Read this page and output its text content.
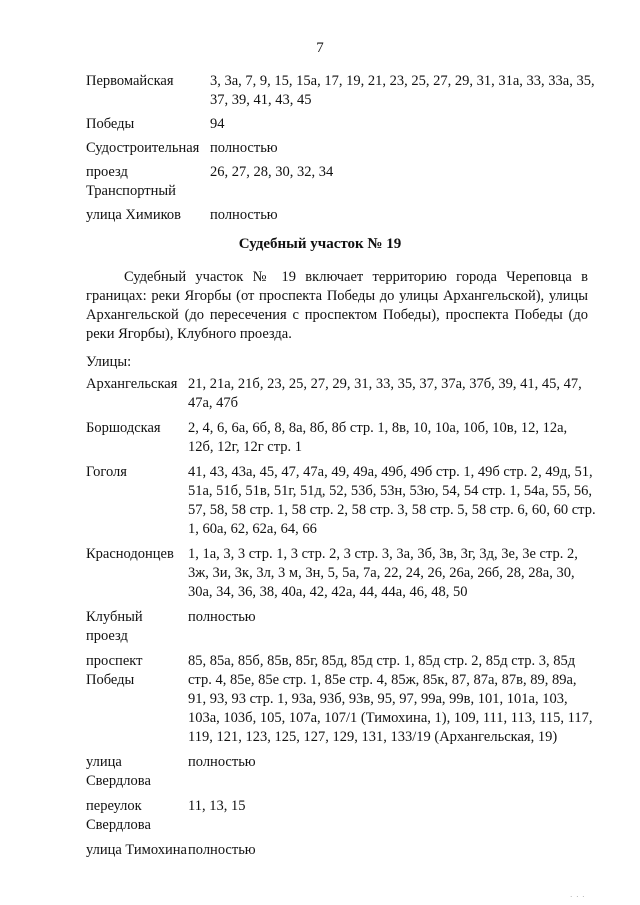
7
Первомайская	3, 3а, 7, 9, 15, 15а, 17, 19, 21, 23, 25, 27, 29, 31, 31а, 33, 33а, 35, 37, 39, 41, 43, 45
Победы	94
Судостроительная	полностью
проезд Транспортный	26, 27, 28, 30, 32, 34
улица Химиков	полностью
Судебный участок № 19
Судебный участок № 19 включает территорию города Череповца в границах: реки Ягорбы (от проспекта Победы до улицы Архангельской), улицы Архангельской (до пересечения с проспектом Победы), проспекта Победы (до реки Ягорбы), Клубного проезда.
Улицы:
Архангельская	21, 21а, 21б, 23, 25, 27, 29, 31, 33, 35, 37, 37а, 37б, 39, 41, 45, 47, 47а, 47б
Боршодская	2, 4, 6, 6а, 6б, 8, 8а, 8б, 8б стр. 1, 8в, 10, 10а, 10б, 10в, 12, 12а, 12б, 12г, 12г стр. 1
Гоголя	41, 43, 43а, 45, 47, 47а, 49, 49а, 49б, 49б стр. 1, 49б стр. 2, 49д, 51, 51а, 51б, 51в, 51г, 51д, 52, 53б, 53н, 53ю, 54, 54 стр. 1, 54а, 55, 56, 57, 58, 58 стр. 1, 58 стр. 2, 58 стр. 3, 58 стр. 5, 58 стр. 6, 60, 60 стр. 1, 60а, 62, 62а, 64, 66
Краснодонцев	1, 1а, 3, 3 стр. 1, 3 стр. 2, 3 стр. 3, 3а, 3б, 3в, 3г, 3д, 3е, 3е стр. 2, 3ж, 3и, 3к, 3л, 3 м, 3н, 5, 5а, 7а, 22, 24, 26, 26а, 26б, 28, 28а, 30, 30а, 34, 36, 38, 40а, 42, 42а, 44, 44а, 46, 48, 50
Клубный проезд	полностью
проспект Победы	85, 85а, 85б, 85в, 85г, 85д, 85д стр. 1, 85д стр. 2, 85д стр. 3, 85д стр. 4, 85е, 85е стр. 1, 85е стр. 4, 85ж, 85к, 87, 87а, 87в, 89, 89а, 91, 93, 93 стр. 1, 93а, 93б, 93в, 95, 97, 99а, 99в, 101, 101а, 103, 103а, 103б, 105, 107а, 107/1 (Тимохина, 1), 109, 111, 113, 115, 117, 119, 121, 123, 125, 127, 129, 131, 133/19 (Архангельская, 19)
улица Свердлова	полностью
переулок Свердлова	11, 13, 15
улица Тимохина	полностью
· · ·
